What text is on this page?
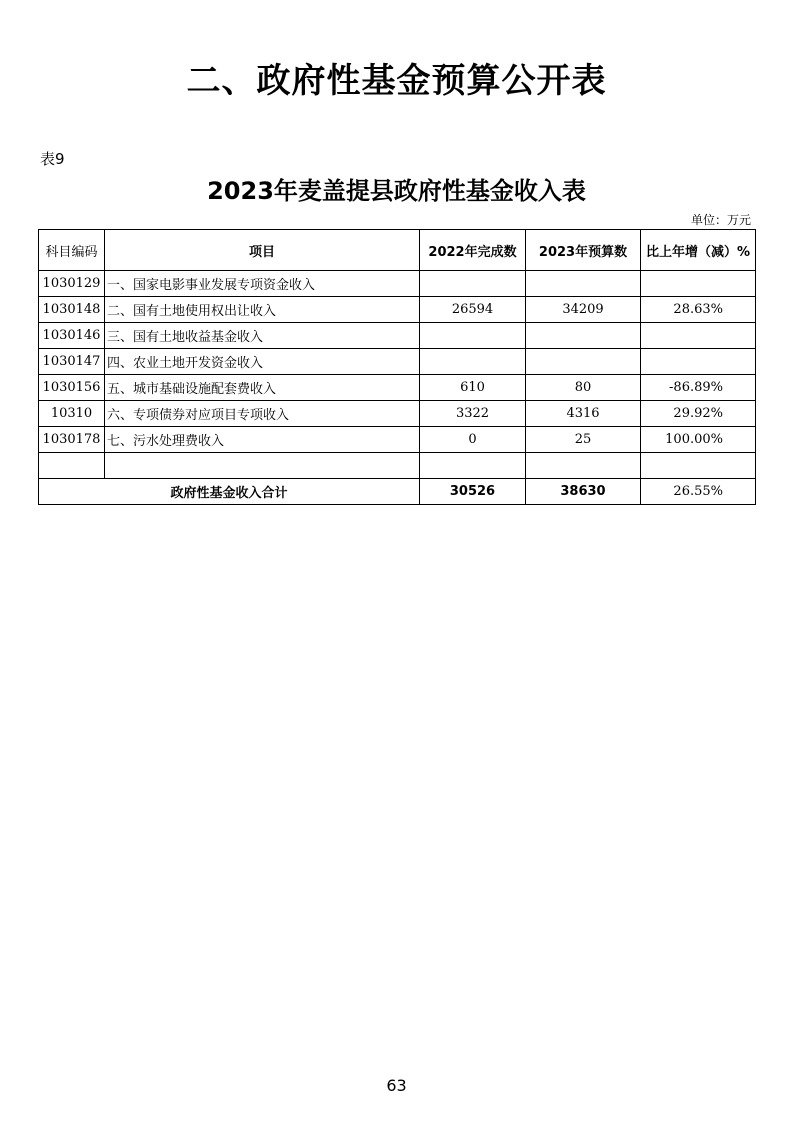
二、政府性基金预算公开表
表9
2023年麦盖提县政府性基金收入表
单位：万元
科目编码	项目	2022年完成数	2023年预算数	比上年增（减）%
1030129	一、国家电影事业发展专项资金收入			
1030148	二、国有土地使用权出让收入	26594	34209	28.63%
1030146	三、国有土地收益基金收入			
1030147	四、农业土地开发资金收入			
1030156	五、城市基础设施配套费收入	610	80	-86.89%
10310	六、专项债券对应项目专项收入	3322	4316	29.92%
1030178	七、污水处理费收入	0	25	100.00%

政府性基金收入合计		30526	38630	26.55%
63
